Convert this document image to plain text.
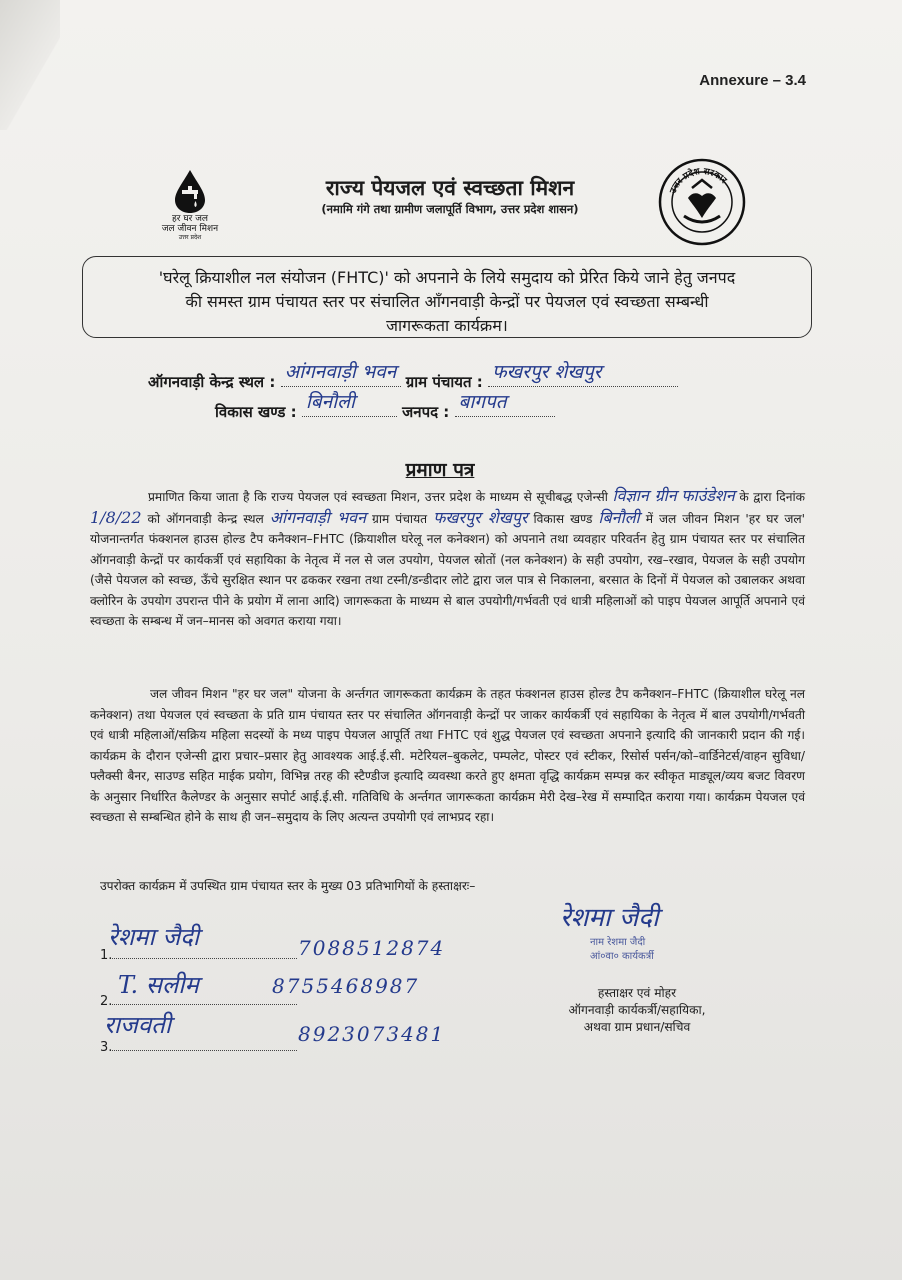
Annexure – 3.4
हर घर जल
जल जीवन मिशन
उत्तर प्रदेश
उत्तर प्रदेश सरकार
राज्य पेयजल एवं स्वच्छता मिशन
(नमामि गंगे तथा ग्रामीण जलापूर्ति विभाग, उत्तर प्रदेश शासन)
'घरेलू क्रियाशील नल संयोजन (FHTC)' को अपनाने के लिये समुदाय को प्रेरित किये जाने हेतु जनपद
की समस्त ग्राम पंचायत स्तर पर संचालित आँगनवाड़ी केन्द्रों पर पेयजल एवं स्वच्छता सम्बन्धी
जागरूकता कार्यक्रम।
ऑगनवाड़ी केन्द्र स्थल : आंगनवाड़ी भवन ग्राम पंचायत : फखरपुर शेखपुर
विकास खण्ड : बिनौली	जनपद : बागपत
प्रमाण पत्र
प्रमाणित किया जाता है कि राज्य पेयजल एवं स्वच्छता मिशन, उत्तर प्रदेश के माध्यम से सूचीबद्ध एजेन्सी विज्ञान ग्रीन फाउंडेशन के द्वारा दिनांक 1/8/22 को ऑगनवाड़ी केन्द्र स्थल आंगनवाड़ी भवन ग्राम पंचायत फखरपुर शेखपुर विकास खण्ड बिनौली में जल जीवन मिशन 'हर घर जल' योजनान्तर्गत फंक्शनल हाउस होल्ड टैप कनैक्शन–FHTC (क्रियाशील घरेलू नल कनेक्शन) को अपनाने तथा व्यवहार परिवर्तन हेतु ग्राम पंचायत स्तर पर संचालित ऑगनवाड़ी केन्द्रों पर कार्यकर्त्री एवं सहायिका के नेतृत्व में नल से जल उपयोग, पेयजल स्रोतों (नल कनेक्शन) के सही उपयोग, रख–रखाव, पेयजल के सही उपयोग (जैसे पेयजल को स्वच्छ, ऊँचे सुरक्षित स्थान पर ढककर रखना तथा टस्नी/डन्डीदार लोटे द्वारा जल पात्र से निकालना, बरसात के दिनों में पेयजल को उबालकर अथवा क्लोरिन के उपयोग उपरान्त पीने के प्रयोग में लाना आदि) जागरूकता के माध्यम से बाल उपयोगी/गर्भवती एवं धात्री महिलाओं को पाइप पेयजल आपूर्ति अपनाने एवं स्वच्छता के सम्बन्ध में जन–मानस को अवगत कराया गया।
जल जीवन मिशन "हर घर जल" योजना के अर्न्तगत जागरूकता कार्यक्रम के तहत फंक्शनल हाउस होल्ड टैप कनैक्शन–FHTC (क्रियाशील घरेलू नल कनेक्शन) तथा पेयजल एवं स्वच्छता के प्रति ग्राम पंचायत स्तर पर संचालित ऑगनवाड़ी केन्द्रों पर जाकर कार्यकर्त्री एवं सहायिका के नेतृत्व में बाल उपयोगी/गर्भवती एवं धात्री महिलाओं/सक्रिय महिला सदस्यों के मध्य पाइप पेयजल आपूर्ति तथा FHTC एवं शुद्ध पेयजल एवं स्वच्छता अपनाने इत्यादि की जानकारी प्रदान की गई। कार्यक्रम के दौरान एजेन्सी द्वारा प्रचार–प्रसार हेतु आवश्यक आई.ई.सी. मटेरियल–बुकलेट, पम्पलेट, पोस्टर एवं स्टीकर, रिसोर्स पर्सन/को–वार्डिनेटर्स/वाहन सुविधा/फ्लैक्सी बैनर, साउण्ड सहित माईक प्रयोग, विभिन्न तरह की स्टैण्डीज इत्यादि व्यवस्था करते हुए क्षमता वृद्धि कार्यक्रम सम्पन्न कर स्वीकृत माड्यूल/व्यय बजट विवरण के अनुसार निर्धारित कैलेण्डर के अनुसार सपोर्ट आई.ई.सी. गतिविधि के अर्न्तगत जागरूकता कार्यक्रम मेरी देख–रेख में सम्पादित कराया गया। कार्यक्रम पेयजल एवं स्वच्छता से सम्बन्धित होने के साथ ही जन–समुदाय के लिए अत्यन्त उपयोगी एवं लाभप्रद रहा।
उपरोक्त कार्यक्रम में उपस्थित ग्राम पंचायत स्तर के मुख्य 03 प्रतिभागियों के हस्ताक्षरः–
1.
रेशमा जैदी	7088512874
2.
T. सलीम	8755468987
3.
राजवती	8923073481
रेशमा जैदी
नाम रेशमा जैदी
आं०वा० कार्यकर्त्री
हस्ताक्षर एवं मोहर
ऑगनवाड़ी कार्यकर्त्री/सहायिका,
अथवा ग्राम प्रधान/सचिव
